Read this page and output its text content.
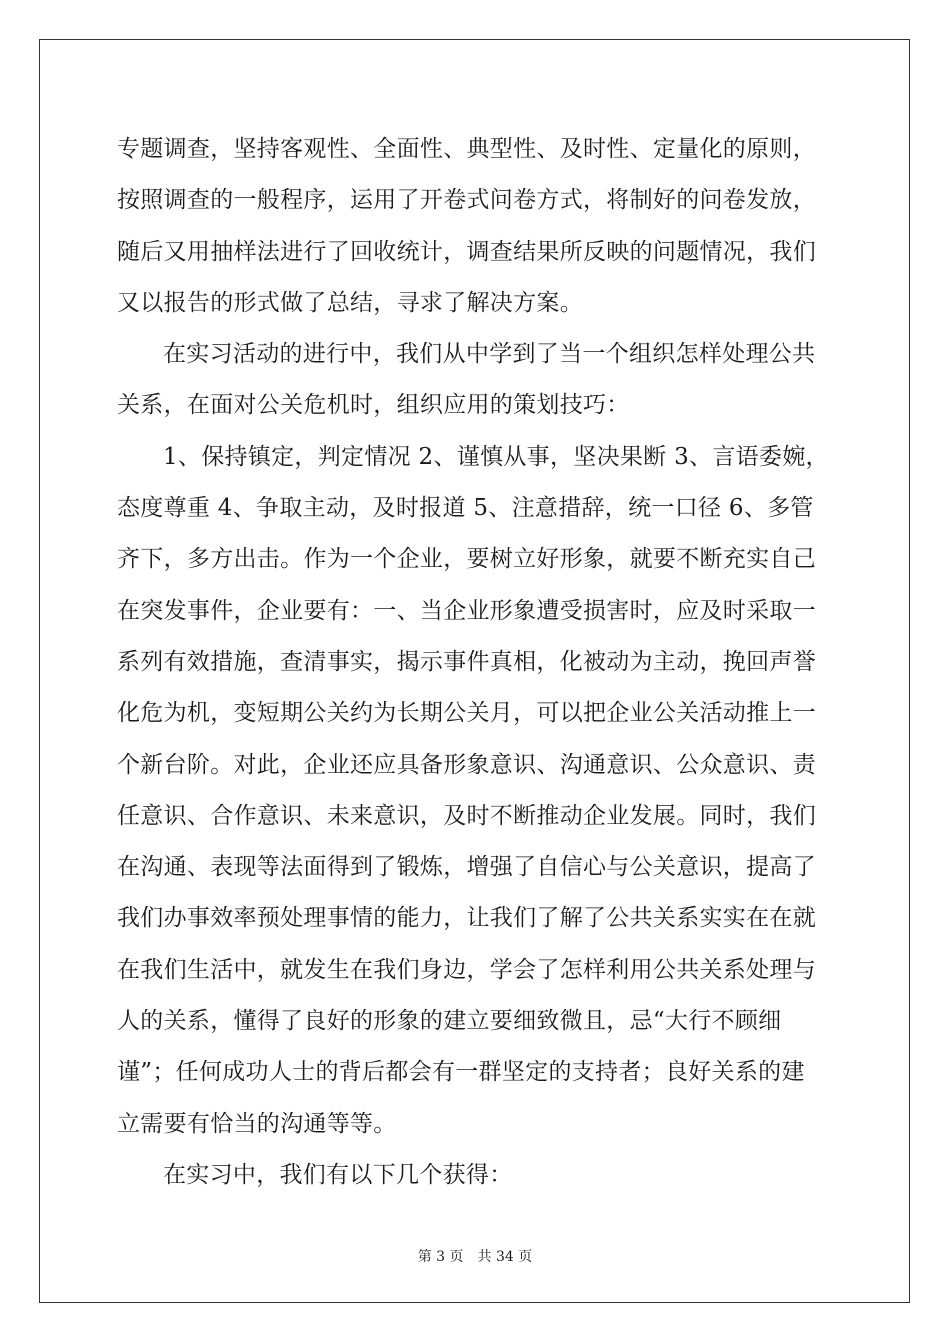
专题调查，坚持客观性、全面性、典型性、及时性、定量化的原则，
按照调查的一般程序，运用了开卷式问卷方式，将制好的问卷发放，
随后又用抽样法进行了回收统计，调查结果所反映的问题情况，我们
又以报告的形式做了总结，寻求了解决方案。
在实习活动的进行中，我们从中学到了当一个组织怎样处理公共
关系，在面对公关危机时，组织应用的策划技巧：
1、保持镇定，判定情况 2、谨慎从事，坚决果断 3、言语委婉，
态度尊重 4、争取主动，及时报道 5、注意措辞，统一口径 6、多管
齐下，多方出击。作为一个企业，要树立好形象，就要不断充实自己
在突发事件，企业要有：一、当企业形象遭受损害时，应及时采取一
系列有效措施，查清事实，揭示事件真相，化被动为主动，挽回声誉
化危为机，变短期公关约为长期公关月，可以把企业公关活动推上一
个新台阶。对此，企业还应具备形象意识、沟通意识、公众意识、责
任意识、合作意识、未来意识，及时不断推动企业发展。同时，我们
在沟通、表现等法面得到了锻炼，增强了自信心与公关意识，提高了
我们办事效率预处理事情的能力，让我们了解了公共关系实实在在就
在我们生活中，就发生在我们身边，学会了怎样利用公共关系处理与
人的关系，懂得了良好的形象的建立要细致微且，忌“大行不顾细
谨”；任何成功人士的背后都会有一群坚定的支持者；良好关系的建
立需要有恰当的沟通等等。
在实习中，我们有以下几个获得：
第 3 页　共 34 页
